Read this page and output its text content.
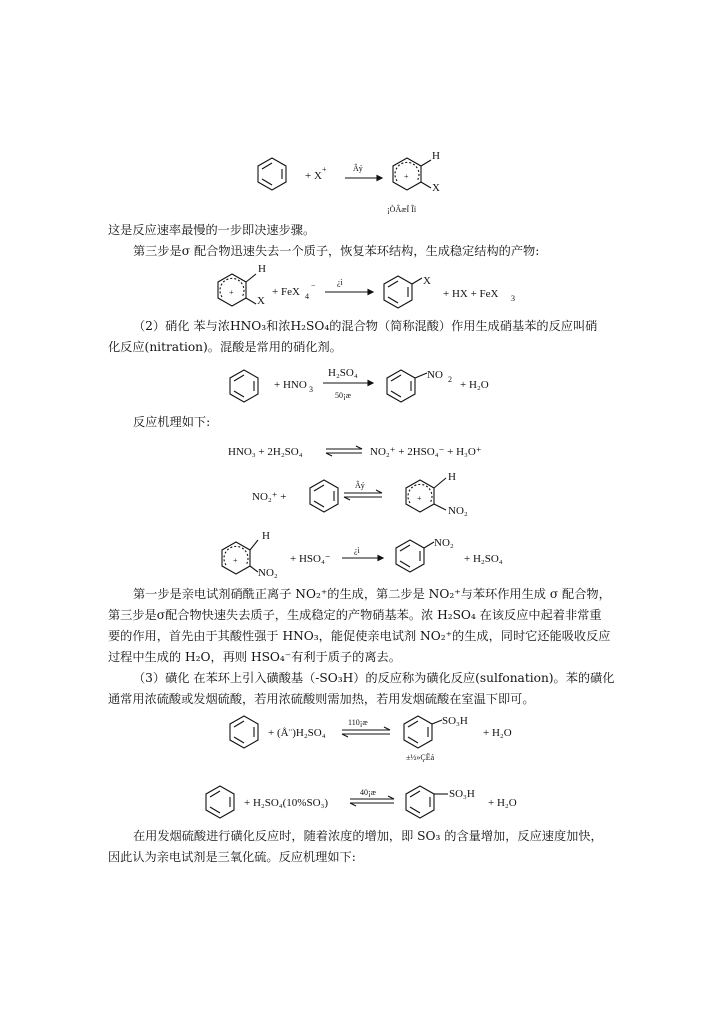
+ X
+	Âý
+
H
X
¡ÒÂæÏ Îï
这是反应速率最慢的一步即决速步骤。
第三步是σ 配合物迅速失去一个质子，恢复苯环结构，生成稳定结构的产物:
+
H
X
+ FeX 4
−	¿ì	X
+ HX + FeX 3
（2）硝化 苯与浓HNO₃和浓H₂SO₄的混合物（简称混酸）作用生成硝基苯的反应叫硝
化反应(nitration)。混酸是常用的硝化剂。
+ HNO 3
H₂SO₄
50¡æ
NO 2 + H₂O
反应机理如下:
HNO₃ + 2H₂SO₄	NO₂⁺ + 2HSO₄⁻ + H₃O⁺
NO₂⁺ +
Âý
+
H
NO₂
+
H
NO₂
+ HSO₄⁻
¿ì
NO₂
+ H₂SO₄
第一步是亲电试剂硝酰正离子 NO₂⁺的生成，第二步是 NO₂⁺与苯环作用生成 σ 配合物，
第三步是σ配合物快速失去质子，生成稳定的产物硝基苯。浓 H₂SO₄ 在该反应中起着非常重
要的作用，首先由于其酸性强于 HNO₃，能促使亲电试剂 NO₂⁺的生成，同时它还能吸收反应
过程中生成的 H₂O，再则 HSO₄⁻有利于质子的离去。
（3）磺化 在苯环上引入磺酸基（-SO₃H）的反应称为磺化反应(sulfonation)。苯的磺化
通常用浓硫酸或发烟硫酸，若用浓硫酸则需加热，若用发烟硫酸在室温下即可。
+ (Å¨)H₂SO₄
110¡æ	SO₃H
+ H₂O
±½»ÇËá
+ H₂SO₄(10%SO₃)
40¡æ	SO₃H
+ H₂O
在用发烟硫酸进行磺化反应时，随着浓度的增加，即 SO₃ 的含量增加，反应速度加快，
因此认为亲电试剂是三氧化硫。反应机理如下:
